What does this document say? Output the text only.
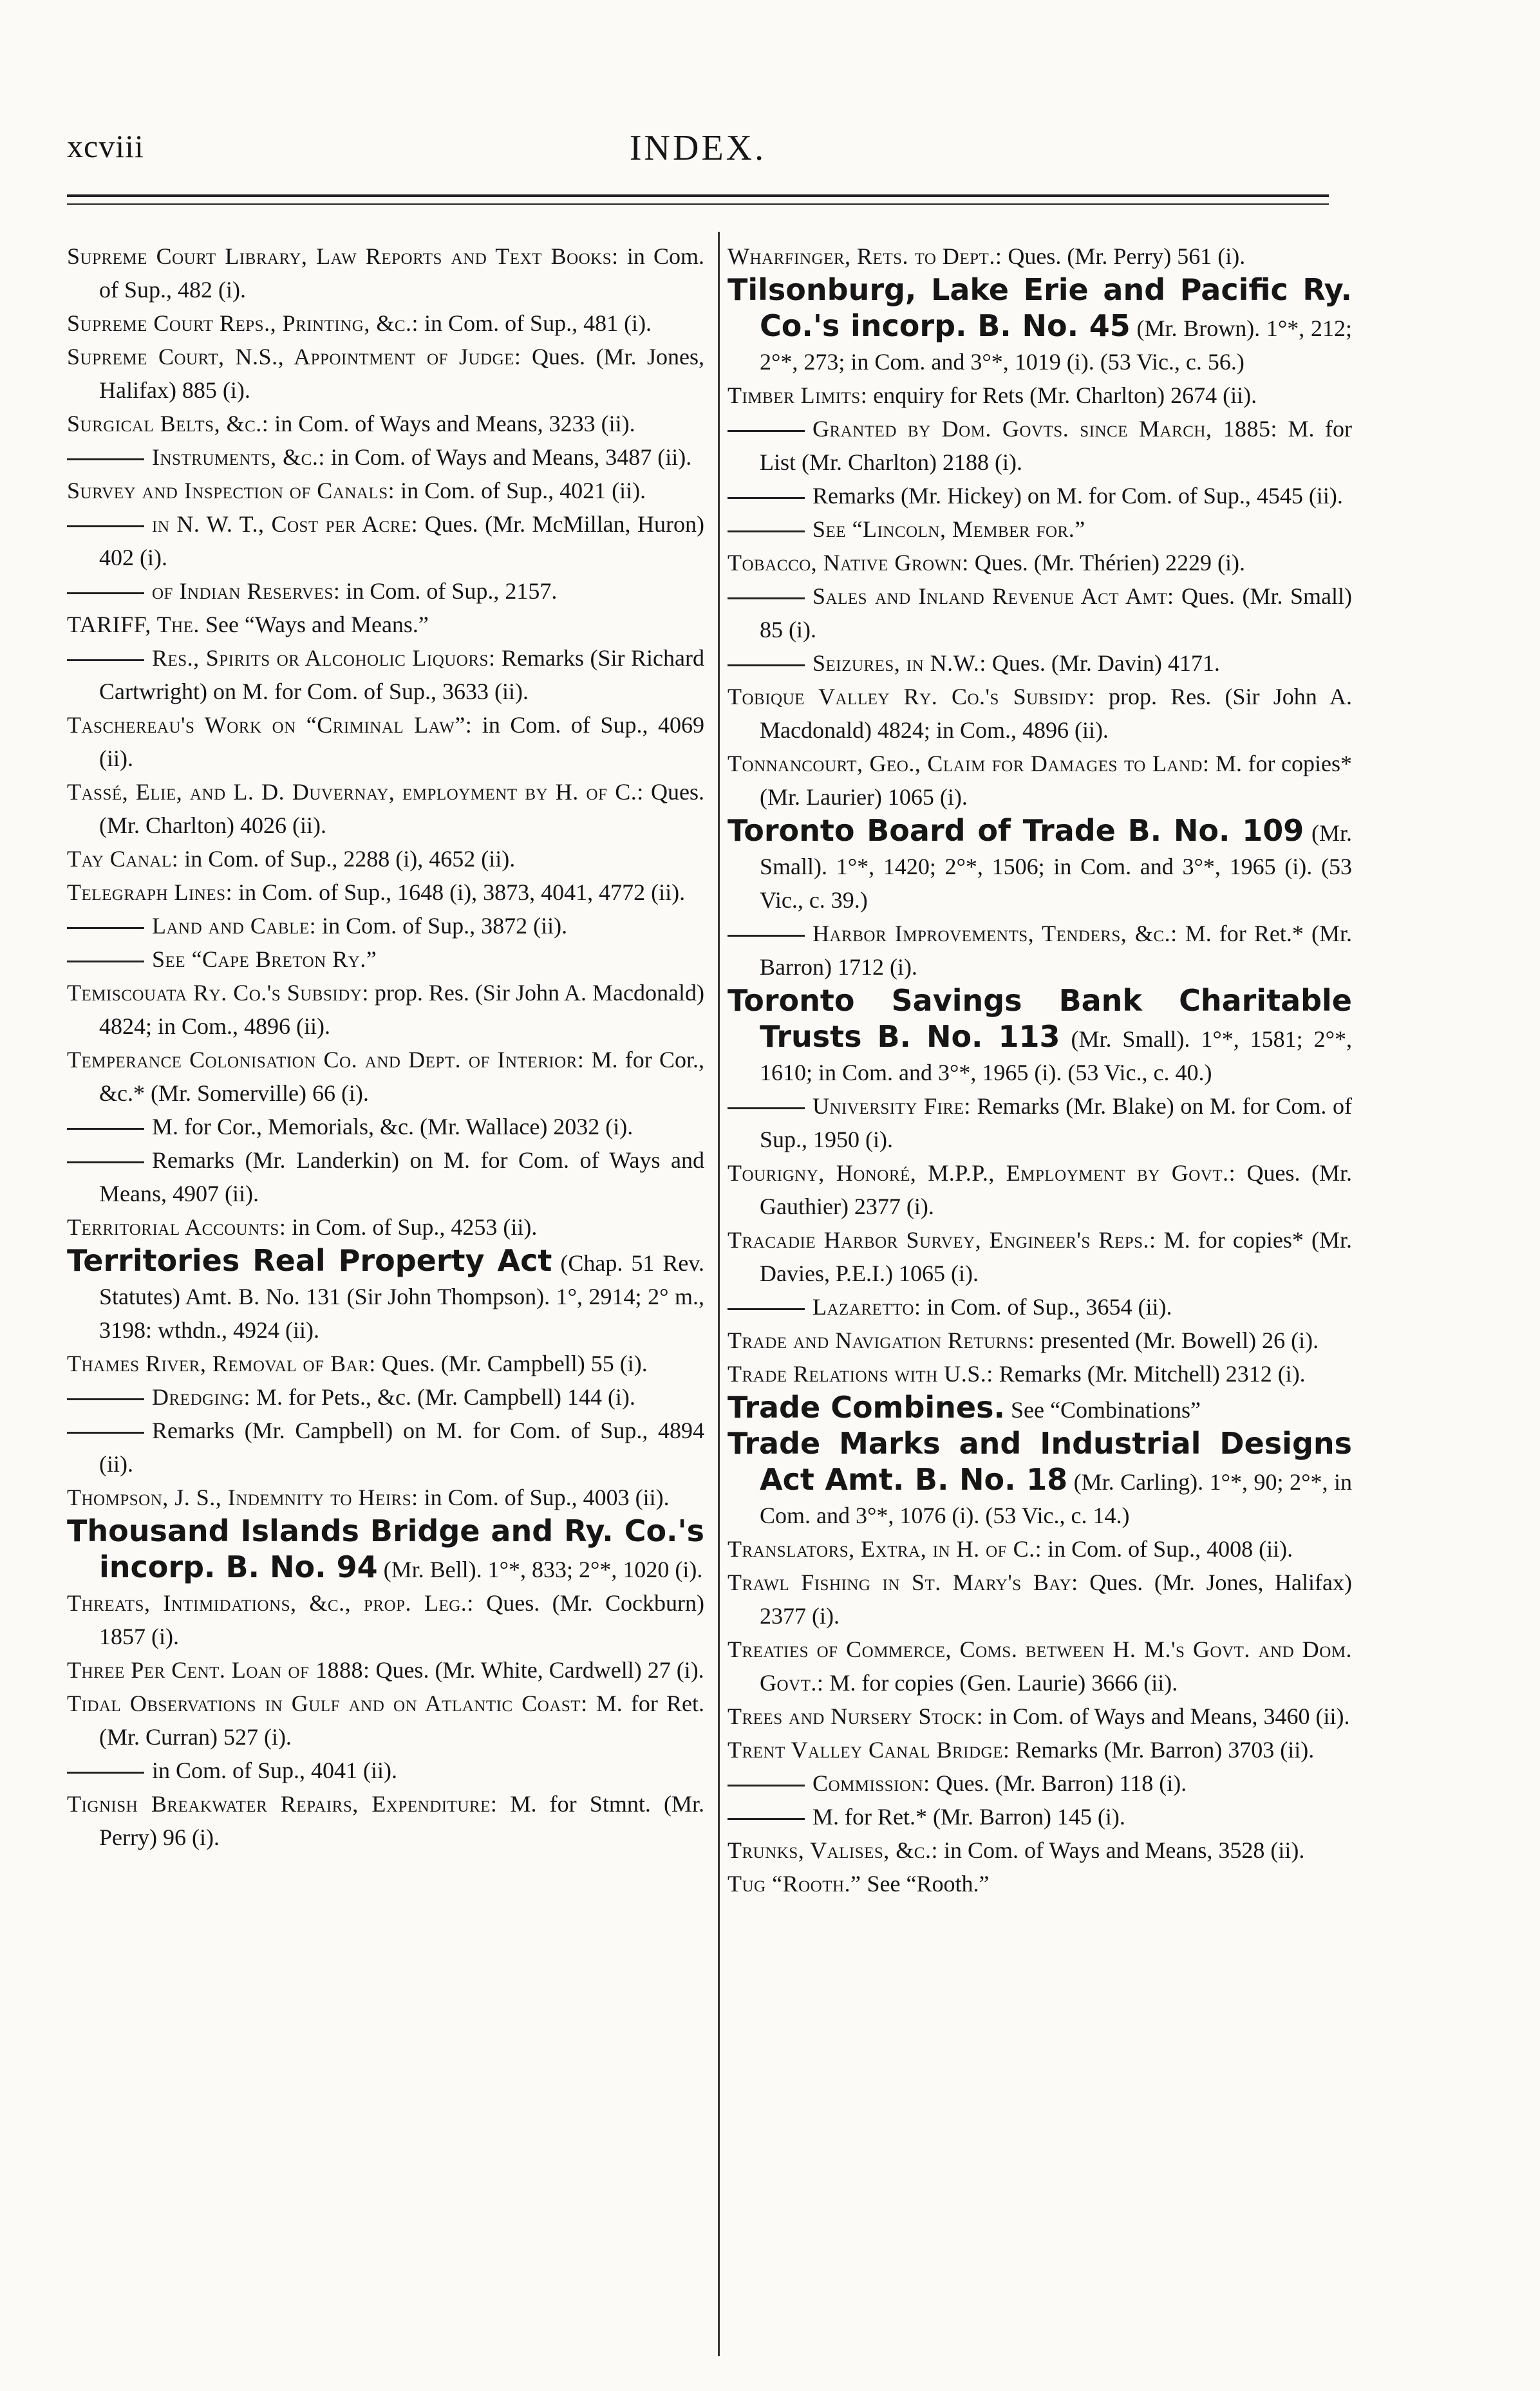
xcviii	INDEX.
Supreme Court Library, Law Reports and Text Books: in Com. of Sup., 482 (i).
Supreme Court Reps., Printing, &c.: in Com. of Sup., 481 (i).
Supreme Court, N.S., Appointment of Judge: Ques. (Mr. Jones, Halifax) 885 (i).
Surgical Belts, &c.: in Com. of Ways and Means, 3233 (ii).
Instruments, &c.: in Com. of Ways and Means, 3487 (ii).
Survey and Inspection of Canals: in Com. of Sup., 4021 (ii).
in N. W. T., Cost per Acre: Ques. (Mr. McMillan, Huron) 402 (i).
of Indian Reserves: in Com. of Sup., 2157.
TARIFF, The. See “Ways and Means.”
Res., Spirits or Alcoholic Liquors: Remarks (Sir Richard Cartwright) on M. for Com. of Sup., 3633 (ii).
Taschereau's Work on “Criminal Law”: in Com. of Sup., 4069 (ii).
Tassé, Elie, and L. D. Duvernay, employment by H. of C.: Ques. (Mr. Charlton) 4026 (ii).
Tay Canal: in Com. of Sup., 2288 (i), 4652 (ii).
Telegraph Lines: in Com. of Sup., 1648 (i), 3873, 4041, 4772 (ii).
Land and Cable: in Com. of Sup., 3872 (ii).
See “Cape Breton Ry.”
Temiscouata Ry. Co.'s Subsidy: prop. Res. (Sir John A. Macdonald) 4824; in Com., 4896 (ii).
Temperance Colonisation Co. and Dept. of Interior: M. for Cor., &c.* (Mr. Somerville) 66 (i).
M. for Cor., Memorials, &c. (Mr. Wallace) 2032 (i).
Remarks (Mr. Landerkin) on M. for Com. of Ways and Means, 4907 (ii).
Territorial Accounts: in Com. of Sup., 4253 (ii).
Territories Real Property Act (Chap. 51 Rev. Statutes) Amt. B. No. 131 (Sir John Thompson). 1°, 2914; 2° m., 3198: wthdn., 4924 (ii).
Thames River, Removal of Bar: Ques. (Mr. Campbell) 55 (i).
Dredging: M. for Pets., &c. (Mr. Campbell) 144 (i).
Remarks (Mr. Campbell) on M. for Com. of Sup., 4894 (ii).
Thompson, J. S., Indemnity to Heirs: in Com. of Sup., 4003 (ii).
Thousand Islands Bridge and Ry. Co.'s incorp. B. No. 94 (Mr. Bell). 1°*, 833; 2°*, 1020 (i).
Threats, Intimidations, &c., prop. Leg.: Ques. (Mr. Cockburn) 1857 (i).
Three Per Cent. Loan of 1888: Ques. (Mr. White, Cardwell) 27 (i).
Tidal Observations in Gulf and on Atlantic Coast: M. for Ret. (Mr. Curran) 527 (i).
in Com. of Sup., 4041 (ii).
Tignish Breakwater Repairs, Expenditure: M. for Stmnt. (Mr. Perry) 96 (i).
Wharfinger, Rets. to Dept.: Ques. (Mr. Perry) 561 (i).
Tilsonburg, Lake Erie and Pacific Ry. Co.'s incorp. B. No. 45 (Mr. Brown). 1°*, 212; 2°*, 273; in Com. and 3°*, 1019 (i). (53 Vic., c. 56.)
Timber Limits: enquiry for Rets (Mr. Charlton) 2674 (ii).
Granted by Dom. Govts. since March, 1885: M. for List (Mr. Charlton) 2188 (i).
Remarks (Mr. Hickey) on M. for Com. of Sup., 4545 (ii).
See “Lincoln, Member for.”
Tobacco, Native Grown: Ques. (Mr. Thérien) 2229 (i).
Sales and Inland Revenue Act Amt: Ques. (Mr. Small) 85 (i).
Seizures, in N.W.: Ques. (Mr. Davin) 4171.
Tobique Valley Ry. Co.'s Subsidy: prop. Res. (Sir John A. Macdonald) 4824; in Com., 4896 (ii).
Tonnancourt, Geo., Claim for Damages to Land: M. for copies* (Mr. Laurier) 1065 (i).
Toronto Board of Trade B. No. 109 (Mr. Small). 1°*, 1420; 2°*, 1506; in Com. and 3°*, 1965 (i). (53 Vic., c. 39.)
Harbor Improvements, Tenders, &c.: M. for Ret.* (Mr. Barron) 1712 (i).
Toronto Savings Bank Charitable Trusts B. No. 113 (Mr. Small). 1°*, 1581; 2°*, 1610; in Com. and 3°*, 1965 (i). (53 Vic., c. 40.)
University Fire: Remarks (Mr. Blake) on M. for Com. of Sup., 1950 (i).
Tourigny, Honoré, M.P.P., Employment by Govt.: Ques. (Mr. Gauthier) 2377 (i).
Tracadie Harbor Survey, Engineer's Reps.: M. for copies* (Mr. Davies, P.E.I.) 1065 (i).
Lazaretto: in Com. of Sup., 3654 (ii).
Trade and Navigation Returns: presented (Mr. Bowell) 26 (i).
Trade Relations with U.S.: Remarks (Mr. Mitchell) 2312 (i).
Trade Combines. See “Combinations”
Trade Marks and Industrial Designs Act Amt. B. No. 18 (Mr. Carling). 1°*, 90; 2°*, in Com. and 3°*, 1076 (i). (53 Vic., c. 14.)
Translators, Extra, in H. of C.: in Com. of Sup., 4008 (ii).
Trawl Fishing in St. Mary's Bay: Ques. (Mr. Jones, Halifax) 2377 (i).
Treaties of Commerce, Coms. between H. M.'s Govt. and Dom. Govt.: M. for copies (Gen. Laurie) 3666 (ii).
Trees and Nursery Stock: in Com. of Ways and Means, 3460 (ii).
Trent Valley Canal Bridge: Remarks (Mr. Barron) 3703 (ii).
Commission: Ques. (Mr. Barron) 118 (i).
M. for Ret.* (Mr. Barron) 145 (i).
Trunks, Valises, &c.: in Com. of Ways and Means, 3528 (ii).
Tug “Rooth.” See “Rooth.”
